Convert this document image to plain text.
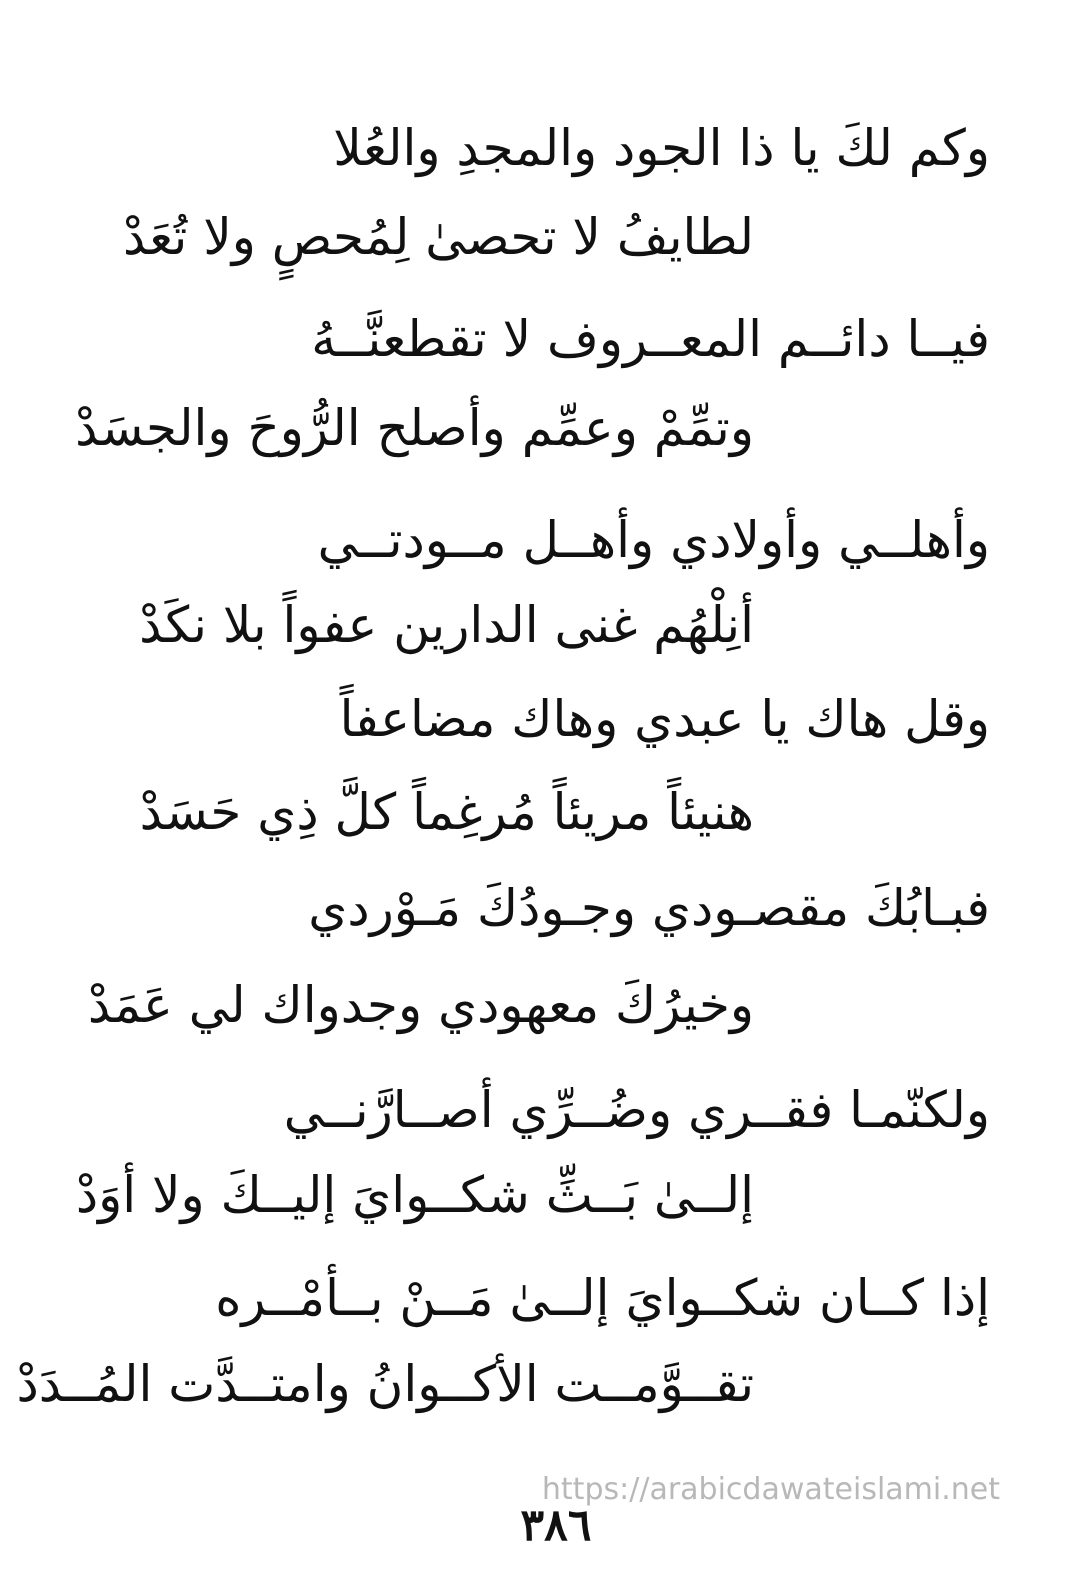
وكم لكَ يا ذا الجود والمجدِ والعُلا
لطايفُ لا تحصىٰ لِمُحصٍ ولا تُعَدْ
فيــا دائــم المعــروف لا تقطعنَّــهُ
وتمِّمْ وعمِّم وأصلح الرُّوحَ والجسَدْ
وأهلــي وأولادي وأهــل مــودتــي
أنِلْهُم غنى الدارين عفواً بلا نكَدْ
وقل هاك يا عبدي وهاك مضاعفاً
هنيئاً مريئاً مُرغِماً كلَّ ذِي حَسَدْ
فبـابُكَ مقصـودي وجـودُكَ مَـوْردي
وخيرُكَ معهودي وجدواك لي عَمَدْ
ولكنّمـا فقــري وضُــرِّي أصــارَّنــي
إلــىٰ بَــثِّ شكــوايَ إليــكَ ولا أوَدْ
إذا كــان شكــوايَ إلــىٰ مَــنْ بــأمْــره
تقــوَّمــت الأكــوانُ وامتــدَّت المُــدَدْ
https://arabicdawateislami.net
٣٨٦
